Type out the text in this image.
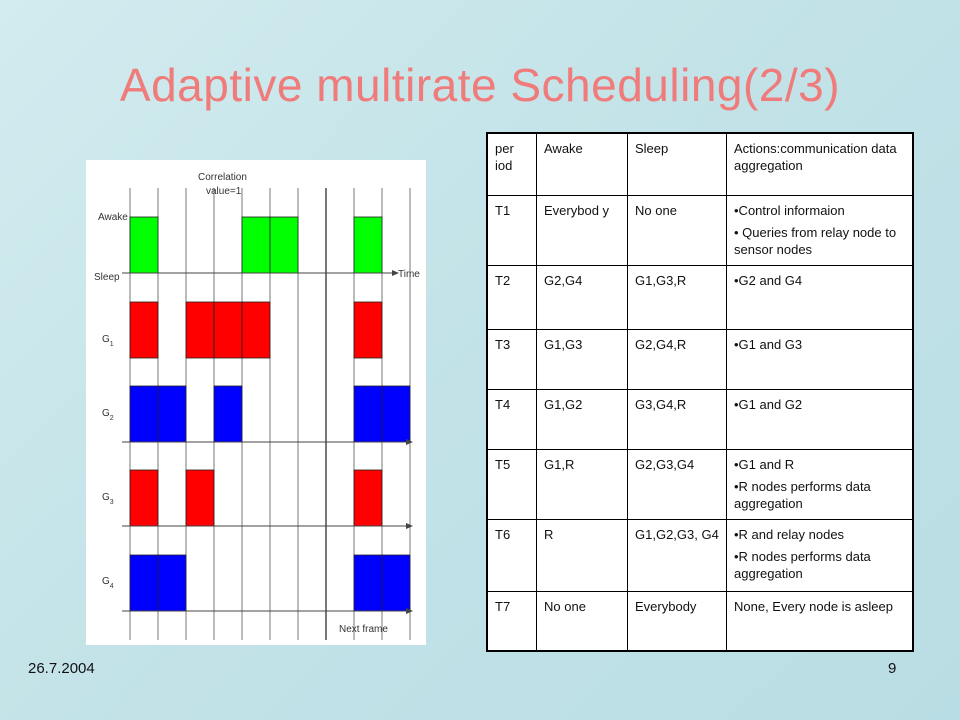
Adaptive multirate Scheduling(2/3)
Correlation
value=1
Awake
Sleep	Time
Next frame
$G_1$
$G_2$
$G_3$
$G_4$
per iod	Awake	Sleep	Actions:communication data aggregation
T1	Everybod y	No one	•Control informaion
• Queries from relay node to sensor nodes

T2	G2,G4	G1,G3,R	•G2 and G4

T3	G1,G3	G2,G4,R	•G1 and G3

T4	G1,G2	G3,G4,R	•G1 and G2

T5	G1,R	G2,G3,G4	•G1 and R
•R nodes performs data aggregation

T6	R	G1,G2,G3, G4	•R and relay nodes
•R nodes performs data aggregation

T7	No one	Everybody	None, Every node is asleep
26.7.2004	9
